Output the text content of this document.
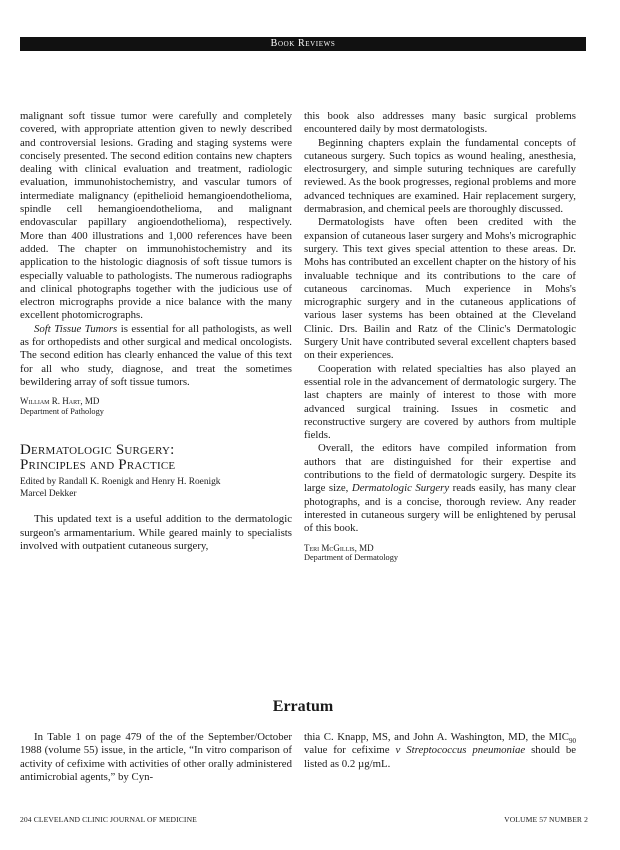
Book Reviews

malignant soft tissue tumor were carefully and completely covered, with appropriate attention given to newly described and controversial lesions. Grading and staging systems were concisely presented. The second edition contains new chapters dealing with clinical evaluation and treatment, radiologic evaluation, immunohistochemistry, and vascular tumors of intermediate malignancy (epithelioid hemangioendothelioma, spindle cell hemangioendothelioma, and malignant endovascular papillary angioendothelioma), respectively. More than 400 illustrations and 1,000 references have been added. The chapter on immunohistochemistry and its application to the histologic diagnosis of soft tissue tumors is especially valuable to pathologists. The numerous radiographs and clinical photographs together with the judicious use of electron micrographs provide a nice balance with the many excellent photomicrographs.

Soft Tissue Tumors is essential for all pathologists, as well as for orthopedists and other surgical and medical oncologists. The second edition has clearly enhanced the value of this text for all who study, diagnose, and treat the sometimes bewildering array of soft tissue tumors.

William R. Hart, MD
Department of Pathology
Dermatologic Surgery:
Principles and Practice
Edited by Randall K. Roenigk and Henry H. Roenigk
Marcel Dekker

This updated text is a useful addition to the dermatologic surgeon's armamentarium. While geared mainly to specialists involved with outpatient cutaneous surgery,

this book also addresses many basic surgical problems encountered daily by most dermatologists.

Beginning chapters explain the fundamental concepts of cutaneous surgery. Such topics as wound healing, anesthesia, electrosurgery, and simple suturing techniques are carefully reviewed. As the book progresses, regional problems and more advanced techniques are examined. Hair replacement surgery, dermabrasion, and chemical peels are thoroughly discussed.

Dermatologists have often been credited with the expansion of cutaneous laser surgery and Mohs's micrographic surgery. This text gives special attention to these areas. Dr. Mohs has contributed an excellent chapter on the history of his invaluable technique and its contributions to the care of cutaneous carcinomas. Much experience in Mohs's micrographic surgery and in the cutaneous applications of various laser systems has been obtained at the Cleveland Clinic. Drs. Bailin and Ratz of the Clinic's Dermatologic Surgery Unit have contributed several excellent chapters based on their experiences.

Cooperation with related specialties has also played an essential role in the advancement of dermatologic surgery. The last chapters are mainly of interest to those with more advanced surgical training. Issues in cosmetic and reconstructive surgery are covered by authors from multiple fields.

Overall, the editors have compiled information from authors that are distinguished for their expertise and contributions to the field of dermatologic surgery. Despite its large size, Dermatologic Surgery reads easily, has many clear photographs, and is a concise, thorough review. Any reader interested in cutaneous surgery will be enlightened by perusal of this book.

Teri McGillis, MD
Department of Dermatology
Erratum

In Table 1 on page 479 of the of the September/October 1988 (volume 55) issue, in the article, “In vitro comparison of activity of cefixime with activities of other orally administered antimicrobial agents,” by Cyn-

thia C. Knapp, MS, and John A. Washington, MD, the $MIC_{90}$ value for cefixime v Streptococcus pneumoniae should be listed as 0.2 µg/mL.

204 CLEVELAND CLINIC JOURNAL OF MEDICINE	VOLUME 57 NUMBER 2
